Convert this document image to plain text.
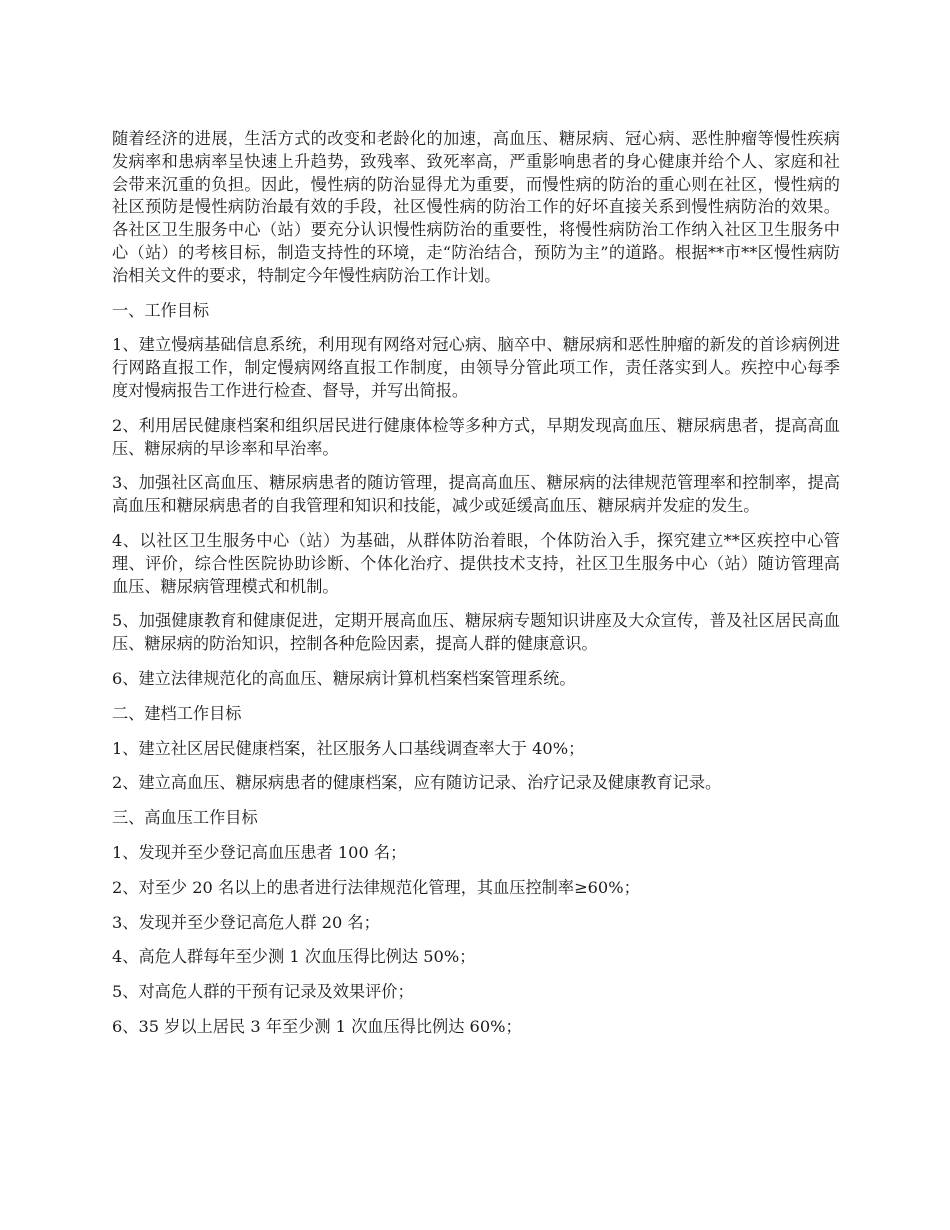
随着经济的进展，生活方式的改变和老龄化的加速，高血压、糖尿病、冠心病、恶性肿瘤等慢性疾病发病率和患病率呈快速上升趋势，致残率、致死率高，严重影响患者的身心健康并给个人、家庭和社会带来沉重的负担。因此，慢性病的防治显得尤为重要，而慢性病的防治的重心则在社区，慢性病的社区预防是慢性病防治最有效的手段，社区慢性病的防治工作的好坏直接关系到慢性病防治的效果。各社区卫生服务中心（站）要充分认识慢性病防治的重要性，将慢性病防治工作纳入社区卫生服务中心（站）的考核目标，制造支持性的环境，走“防治结合，预防为主”的道路。根据**市**区慢性病防治相关文件的要求，特制定今年慢性病防治工作计划。

一、工作目标

1、建立慢病基础信息系统，利用现有网络对冠心病、脑卒中、糖尿病和恶性肿瘤的新发的首诊病例进行网路直报工作，制定慢病网络直报工作制度，由领导分管此项工作，责任落实到人。疾控中心每季度对慢病报告工作进行检查、督导，并写出简报。

2、利用居民健康档案和组织居民进行健康体检等多种方式，早期发现高血压、糖尿病患者，提高高血压、糖尿病的早诊率和早治率。

3、加强社区高血压、糖尿病患者的随访管理，提高高血压、糖尿病的法律规范管理率和控制率，提高高血压和糖尿病患者的自我管理和知识和技能，减少或延缓高血压、糖尿病并发症的发生。

4、以社区卫生服务中心（站）为基础，从群体防治着眼，个体防治入手，探究建立**区疾控中心管理、评价，综合性医院协助诊断、个体化治疗、提供技术支持，社区卫生服务中心（站）随访管理高血压、糖尿病管理模式和机制。

5、加强健康教育和健康促进，定期开展高血压、糖尿病专题知识讲座及大众宣传，普及社区居民高血压、糖尿病的防治知识，控制各种危险因素，提高人群的健康意识。

6、建立法律规范化的高血压、糖尿病计算机档案档案管理系统。

二、建档工作目标

1、建立社区居民健康档案，社区服务人口基线调查率大于 40%；

2、建立高血压、糖尿病患者的健康档案，应有随访记录、治疗记录及健康教育记录。

三、高血压工作目标

1、发现并至少登记高血压患者 100 名；

2、对至少 20 名以上的患者进行法律规范化管理，其血压控制率≥60%；

3、发现并至少登记高危人群 20 名；

4、高危人群每年至少测 1 次血压得比例达 50%；

5、对高危人群的干预有记录及效果评价；

6、35 岁以上居民 3 年至少测 1 次血压得比例达 60%；
